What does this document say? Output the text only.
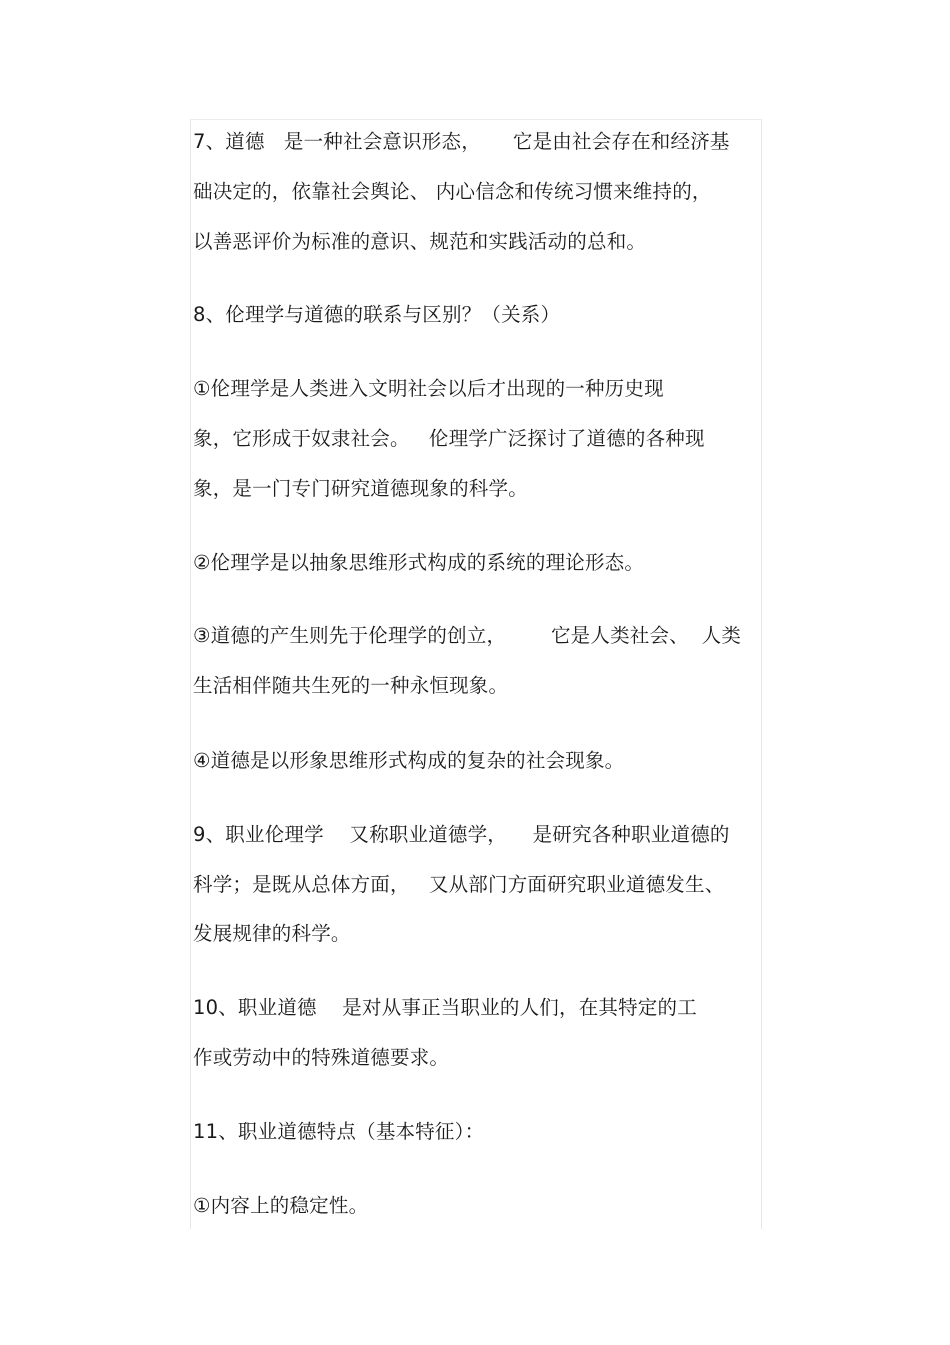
7、道德   是一种社会意识形态，     它是由社会存在和经济基
础决定的，依靠社会舆论、 内心信念和传统习惯来维持的，
以善恶评价为标准的意识、规范和实践活动的总和。
8、伦理学与道德的联系与区别？（关系）
①伦理学是人类进入文明社会以后才出现的一种历史现
象，它形成于奴隶社会。   伦理学广泛探讨了道德的各种现
象，是一门专门研究道德现象的科学。
②伦理学是以抽象思维形式构成的系统的理论形态。
③道德的产生则先于伦理学的创立，       它是人类社会、  人类
生活相伴随共生死的一种永恒现象。
④道德是以形象思维形式构成的复杂的社会现象。
9、职业伦理学    又称职业道德学，    是研究各种职业道德的
科学；是既从总体方面，   又从部门方面研究职业道德发生、
发展规律的科学。
10、职业道德    是对从事正当职业的人们，在其特定的工
作或劳动中的特殊道德要求。
11、职业道德特点（基本特征）：
①内容上的稳定性。
